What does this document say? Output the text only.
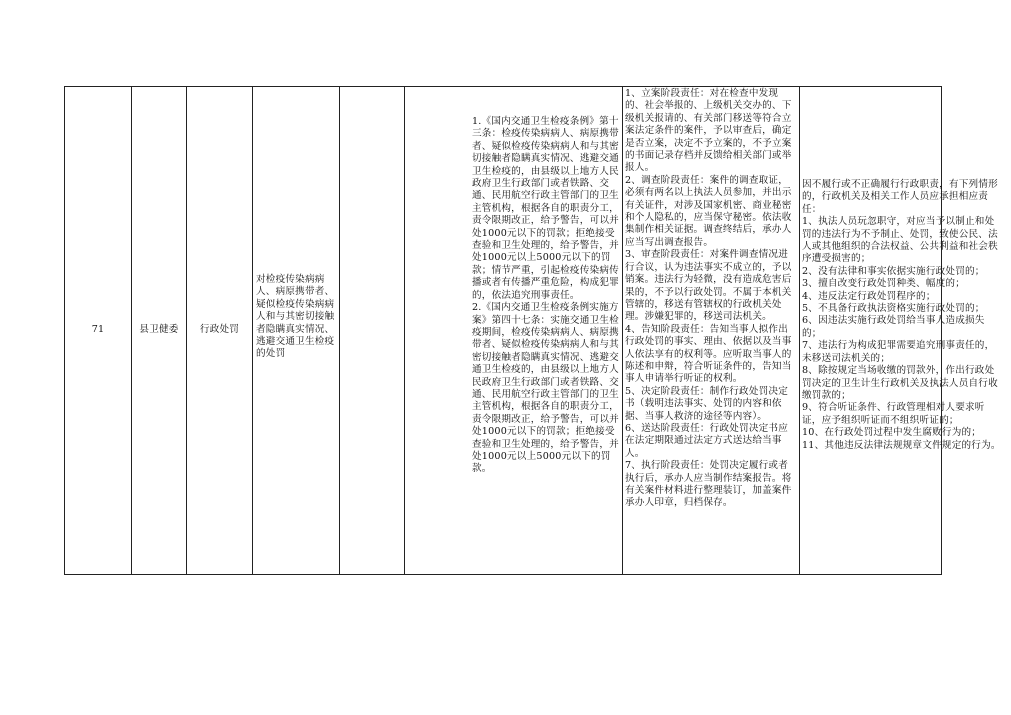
71	县卫健委	行政处罚
对检疫传染病病人、病原携带者、疑似检疫传染病病人和与其密切接触者隐瞒真实情况、逃避交通卫生检疫的处罚
1.《国内交通卫生检疫条例》第十三条：检疫传染病病人、病原携带者、疑似检疫传染病病人和与其密切接触者隐瞒真实情况、逃避交通卫生检疫的，由县级以上地方人民政府卫生行政部门或者铁路、交通、民用航空行政主管部门的卫生主管机构，根据各自的职责分工，责令限期改正，给予警告，可以并处1000元以下的罚款；拒绝接受查验和卫生处理的，给予警告，并处1000元以上5000元以下的罚款；情节严重，引起检疫传染病传播或者有传播严重危险，构成犯罪的，依法追究刑事责任。
2.《国内交通卫生检疫条例实施方案》第四十七条：实施交通卫生检疫期间，检疫传染病病人、病原携带者、疑似检疫传染病病人和与其密切接触者隐瞒真实情况、逃避交通卫生检疫的，由县级以上地方人民政府卫生行政部门或者铁路、交通、民用航空行政主管部门的卫生主管机构，根据各自的职责分工，责令限期改正，给予警告，可以并处1000元以下的罚款；拒绝接受查验和卫生处理的，给予警告，并处1000元以上5000元以下的罚款。
1、立案阶段责任：对在检查中发现的、社会举报的、上级机关交办的、下级机关报请的、有关部门移送等符合立案法定条件的案件，予以审查后，确定是否立案，决定不予立案的，不予立案的书面记录存档并反馈给相关部门或举报人。
2、调查阶段责任：案件的调查取证，必须有两名以上执法人员参加，并出示有关证件，对涉及国家机密、商业秘密和个人隐私的，应当保守秘密。依法收集制作相关证据。调查终结后，承办人应当写出调查报告。
3、审查阶段责任：对案件调查情况进行合议，认为违法事实不成立的，予以销案。违法行为轻微，没有造成危害后果的，不予以行政处罚。不属于本机关管辖的，移送有管辖权的行政机关处理。涉嫌犯罪的，移送司法机关。
4、告知阶段责任：告知当事人拟作出行政处罚的事实、理由、依据以及当事人依法享有的权利等。应听取当事人的陈述和申辩，符合听证条件的，告知当事人申请举行听证的权利。
5、决定阶段责任：制作行政处罚决定书（载明违法事实、处罚的内容和依据、当事人救济的途径等内容）。
6、送达阶段责任：行政处罚决定书应在法定期限通过法定方式送达给当事人。
7、执行阶段责任：处罚决定履行或者执行后，承办人应当制作结案报告。将有关案件材料进行整理装订，加盖案件承办人印章，归档保存。
因不履行或不正确履行行政职责，有下列情形的，行政机关及相关工作人员应承担相应责任：
1、执法人员玩忽职守，对应当予以制止和处罚的违法行为不予制止、处罚，致使公民、法人或其他组织的合法权益、公共利益和社会秩序遭受损害的；
2、没有法律和事实依据实施行政处罚的；
3、擅自改变行政处罚种类、幅度的；
4、违反法定行政处罚程序的；
5、不具备行政执法资格实施行政处罚的；
6、因违法实施行政处罚给当事人造成损失的；
7、违法行为构成犯罪需要追究刑事责任的，未移送司法机关的；
8、除按规定当场收缴的罚款外，作出行政处罚决定的卫生计生行政机关及执法人员自行收缴罚款的；
9、符合听证条件、行政管理相对人要求听证，应予组织听证而不组织听证的；
10、在行政处罚过程中发生腐败行为的；
11、其他违反法律法规规章文件规定的行为。
